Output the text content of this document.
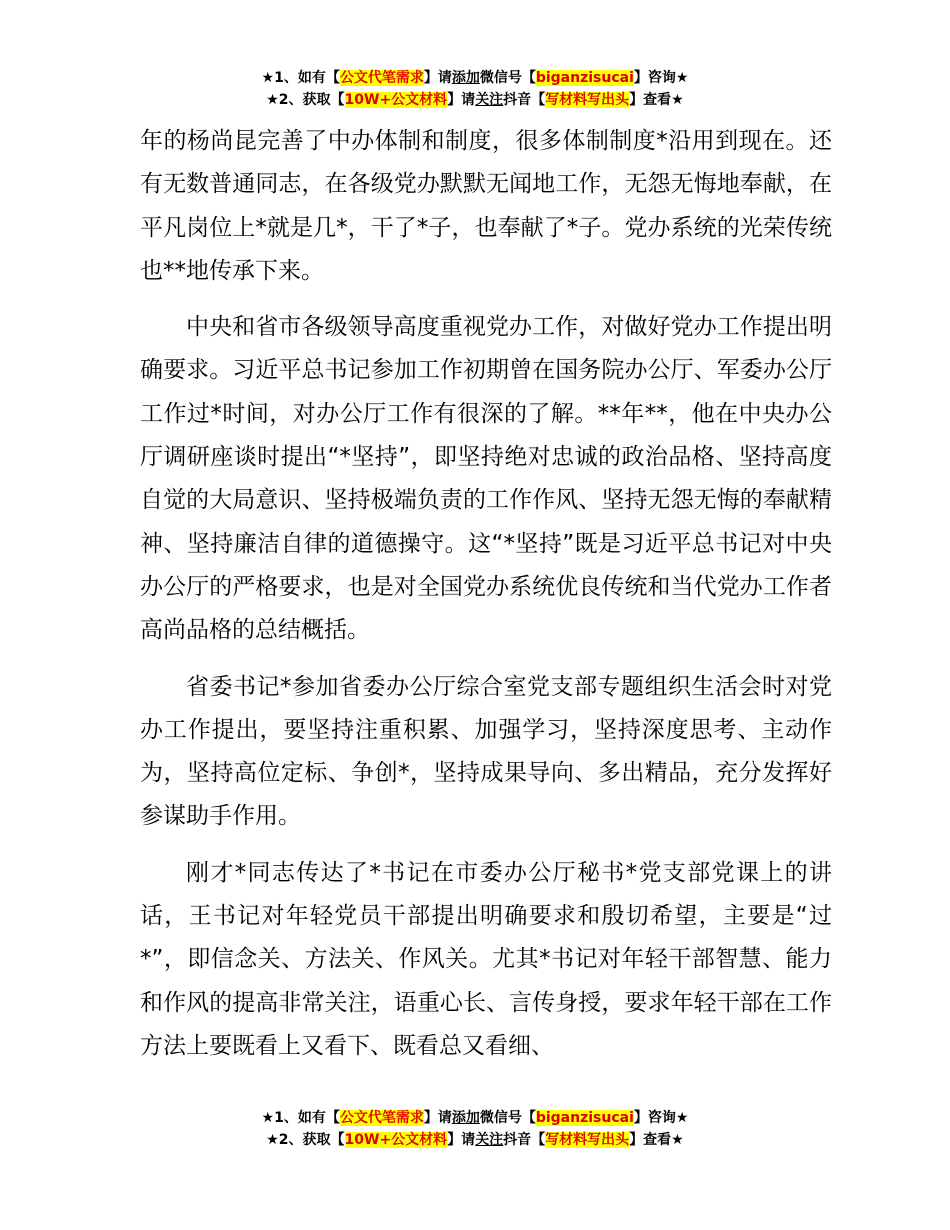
★1、如有【公文代笔需求】请添加微信号【biganzisucai】咨询★
★2、获取【10W+公文材料】请关注抖音【写材料写出头】查看★

年的杨尚昆完善了中办体制和制度，很多体制制度*沿用到现在。还有无数普通同志，在各级党办默默无闻地工作，无怨无悔地奉献，在平凡岗位上*就是几*，干了*子，也奉献了*子。党办系统的光荣传统也**地传承下来。

中央和省市各级领导高度重视党办工作，对做好党办工作提出明确要求。习近平总书记参加工作初期曾在国务院办公厅、军委办公厅工作过*时间，对办公厅工作有很深的了解。**年**，他在中央办公厅调研座谈时提出“*坚持”，即坚持绝对忠诚的政治品格、坚持高度自觉的大局意识、坚持极端负责的工作作风、坚持无怨无悔的奉献精神、坚持廉洁自律的道德操守。这“*坚持”既是习近平总书记对中央办公厅的严格要求，也是对全国党办系统优良传统和当代党办工作者高尚品格的总结概括。

省委书记*参加省委办公厅综合室党支部专题组织生活会时对党办工作提出，要坚持注重积累、加强学习，坚持深度思考、主动作为，坚持高位定标、争创*，坚持成果导向、多出精品，充分发挥好参谋助手作用。

刚才*同志传达了*书记在市委办公厅秘书*党支部党课上的讲话，王书记对年轻党员干部提出明确要求和殷切希望，主要是“过*”，即信念关、方法关、作风关。尤其*书记对年轻干部智慧、能力和作风的提高非常关注，语重心长、言传身授，要求年轻干部在工作方法上要既看上又看下、既看总又看细、

★1、如有【公文代笔需求】请添加微信号【biganzisucai】咨询★
★2、获取【10W+公文材料】请关注抖音【写材料写出头】查看★
